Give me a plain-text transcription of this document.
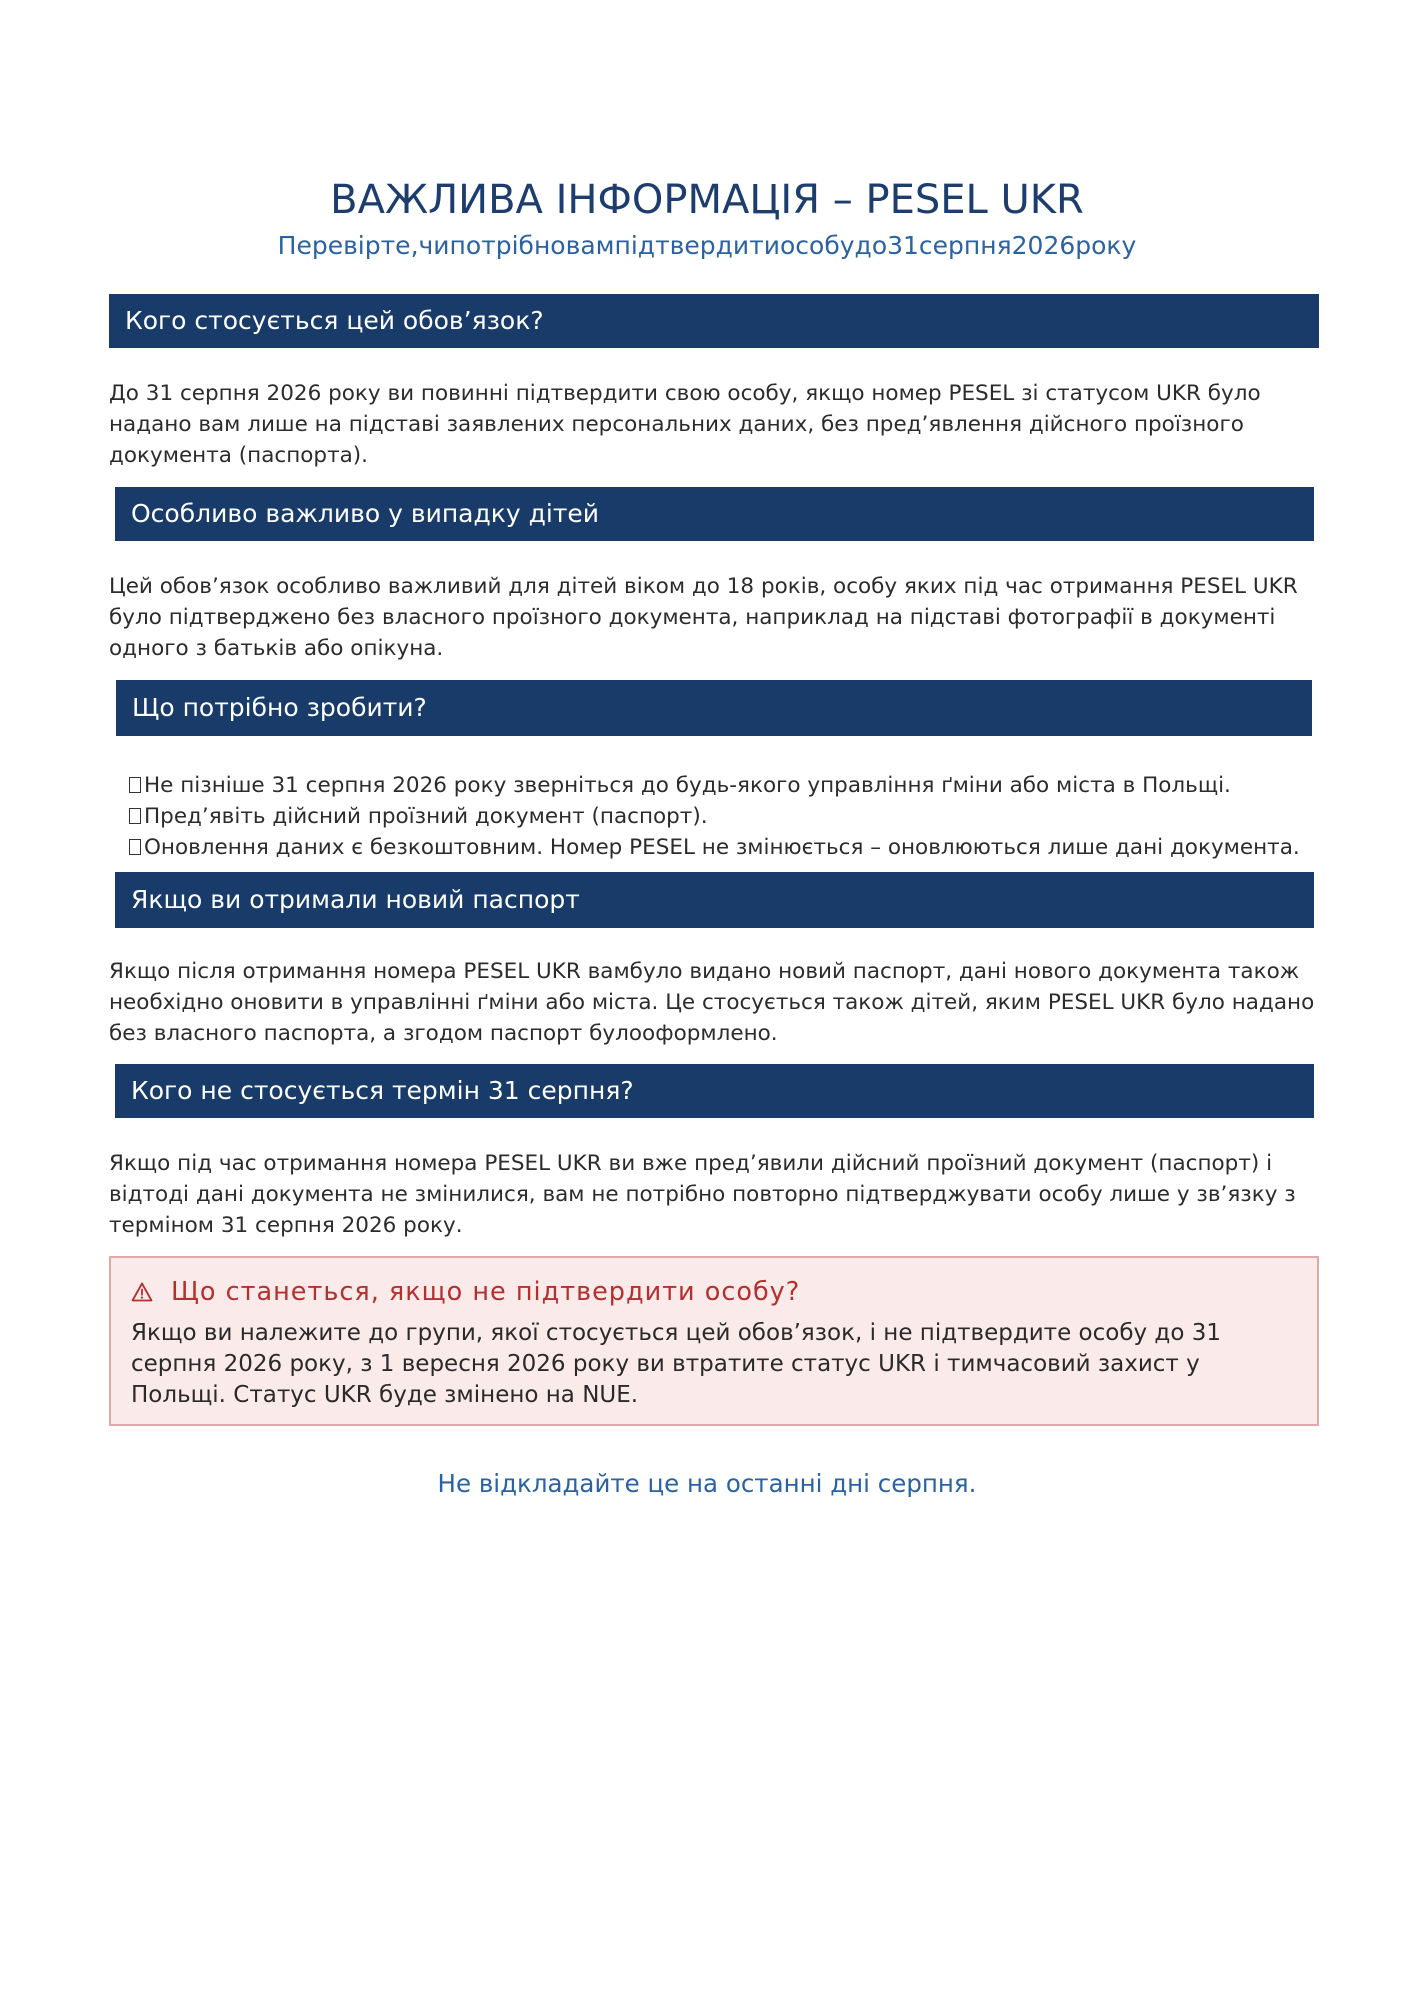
ВАЖЛИВА ІНФОРМАЦІЯ – PESEL UKR
Перевірте,чипотрібновампідтвердитиособудо31серпня2026року
Кого стосується цей обов’язок?
До 31 серпня 2026 року ви повинні підтвердити свою особу, якщо номер PESEL зі статусом UKR було надано вам лише на підставі заявлених персональних даних, без пред’явлення дійсного проїзного документа (паспорта).
Особливо важливо у випадку дітей
Цей обов’язок особливо важливий для дітей віком до 18 років, особу яких під час отримання PESEL UKR було підтверджено без власного проїзного документа, наприклад на підставі фотографії в документі одного з батьків або опікуна.
Що потрібно зробити?
Не пізніше 31 серпня 2026 року зверніться до будь-якого управління ґміни або міста в Польщі.
Пред’явіть дійсний проїзний документ (паспорт).
Оновлення даних є безкоштовним. Номер PESEL не змінюється – оновлюються лише дані документа.
Якщо ви отримали новий паспорт
Якщо після отримання номера PESEL UKR вамбуло видано новий паспорт, дані нового документа також необхідно оновити в управлінні ґміни або міста. Це стосується також дітей, яким PESEL UKR було надано без власного паспорта, а згодом паспорт булооформлено.
Кого не стосується термін 31 серпня?
Якщо під час отримання номера PESEL UKR ви вже пред’явили дійсний проїзний документ (паспорт) і відтоді дані документа не змінилися, вам не потрібно повторно підтверджувати особу лише у зв’язку з терміном 31 серпня 2026 року.
Що станеться, якщо не підтвердити особу?
Якщо ви належите до групи, якої стосується цей обов’язок, і не підтвердите особу до 31 серпня 2026 року, з 1 вересня 2026 року ви втратите статус UKR і тимчасовий захист у Польщі. Статус UKR буде змінено на NUE.
Не відкладайте це на останні дні серпня.
